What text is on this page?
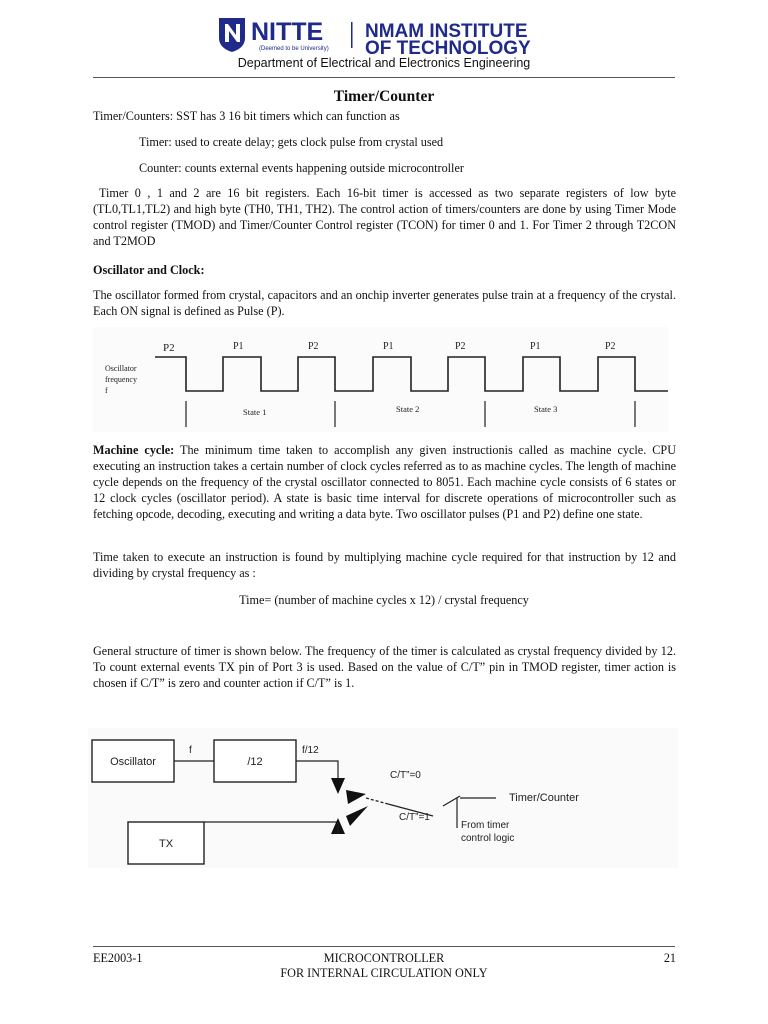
NITTE
(Deemed to be University)
NMAM INSTITUTE
OF TECHNOLOGY
Department of Electrical and Electronics Engineering
Timer/Counter
Timer/Counters: SST has 3 16 bit timers which can function as
Timer: used to create delay; gets clock pulse from crystal used
Counter: counts external events happening outside microcontroller
Timer 0 , 1 and 2 are 16 bit registers. Each 16-bit timer is accessed as two separate registers of low byte (TL0,TL1,TL2) and high byte (TH0, TH1, TH2). The control action of timers/counters are done by using Timer Mode control register (TMOD) and Timer/Counter Control register (TCON) for timer 0 and 1. For Timer 2 through T2CON and T2MOD
Oscillator and Clock:
The oscillator formed from crystal, capacitors and an onchip inverter generates pulse train at a frequency of the crystal. Each ON signal is defined as Pulse (P).
Oscillator
frequency
f
P2	P1	P2	P1	P2	P1	P2
State 1	State 2	State 3
Machine cycle: The minimum time taken to accomplish any given instructionis called as machine cycle. CPU executing an instruction takes a certain number of clock cycles referred as to as machine cycles. The length of machine cycle depends on the frequency of the crystal oscillator connected to 8051. Each machine cycle consists of 6 states or 12 clock cycles (oscillator period). A state is basic time interval for discrete operations of microcontroller such as fetching opcode, decoding, executing and writing a data byte. Two oscillator pulses (P1 and P2) define one state.
Time taken to execute an instruction is found by multiplying machine cycle required for that instruction by 12 and dividing by crystal frequency as :
Time= (number of machine cycles x 12) / crystal frequency
General structure of timer is shown below. The frequency of the timer is calculated as crystal frequency divided by 12. To count external events TX pin of Port 3 is used. Based on the value of C/T” pin in TMOD register, timer action is chosen if C/T” is zero and counter action if C/T” is 1.
Oscillator
f
/12
f/12
C/T”=0
C/T”=1
Timer/Counter
From timer
control logic
TX
EE2003-1	MICROCONTROLLER
FOR INTERNAL CIRCULATION ONLY
21
